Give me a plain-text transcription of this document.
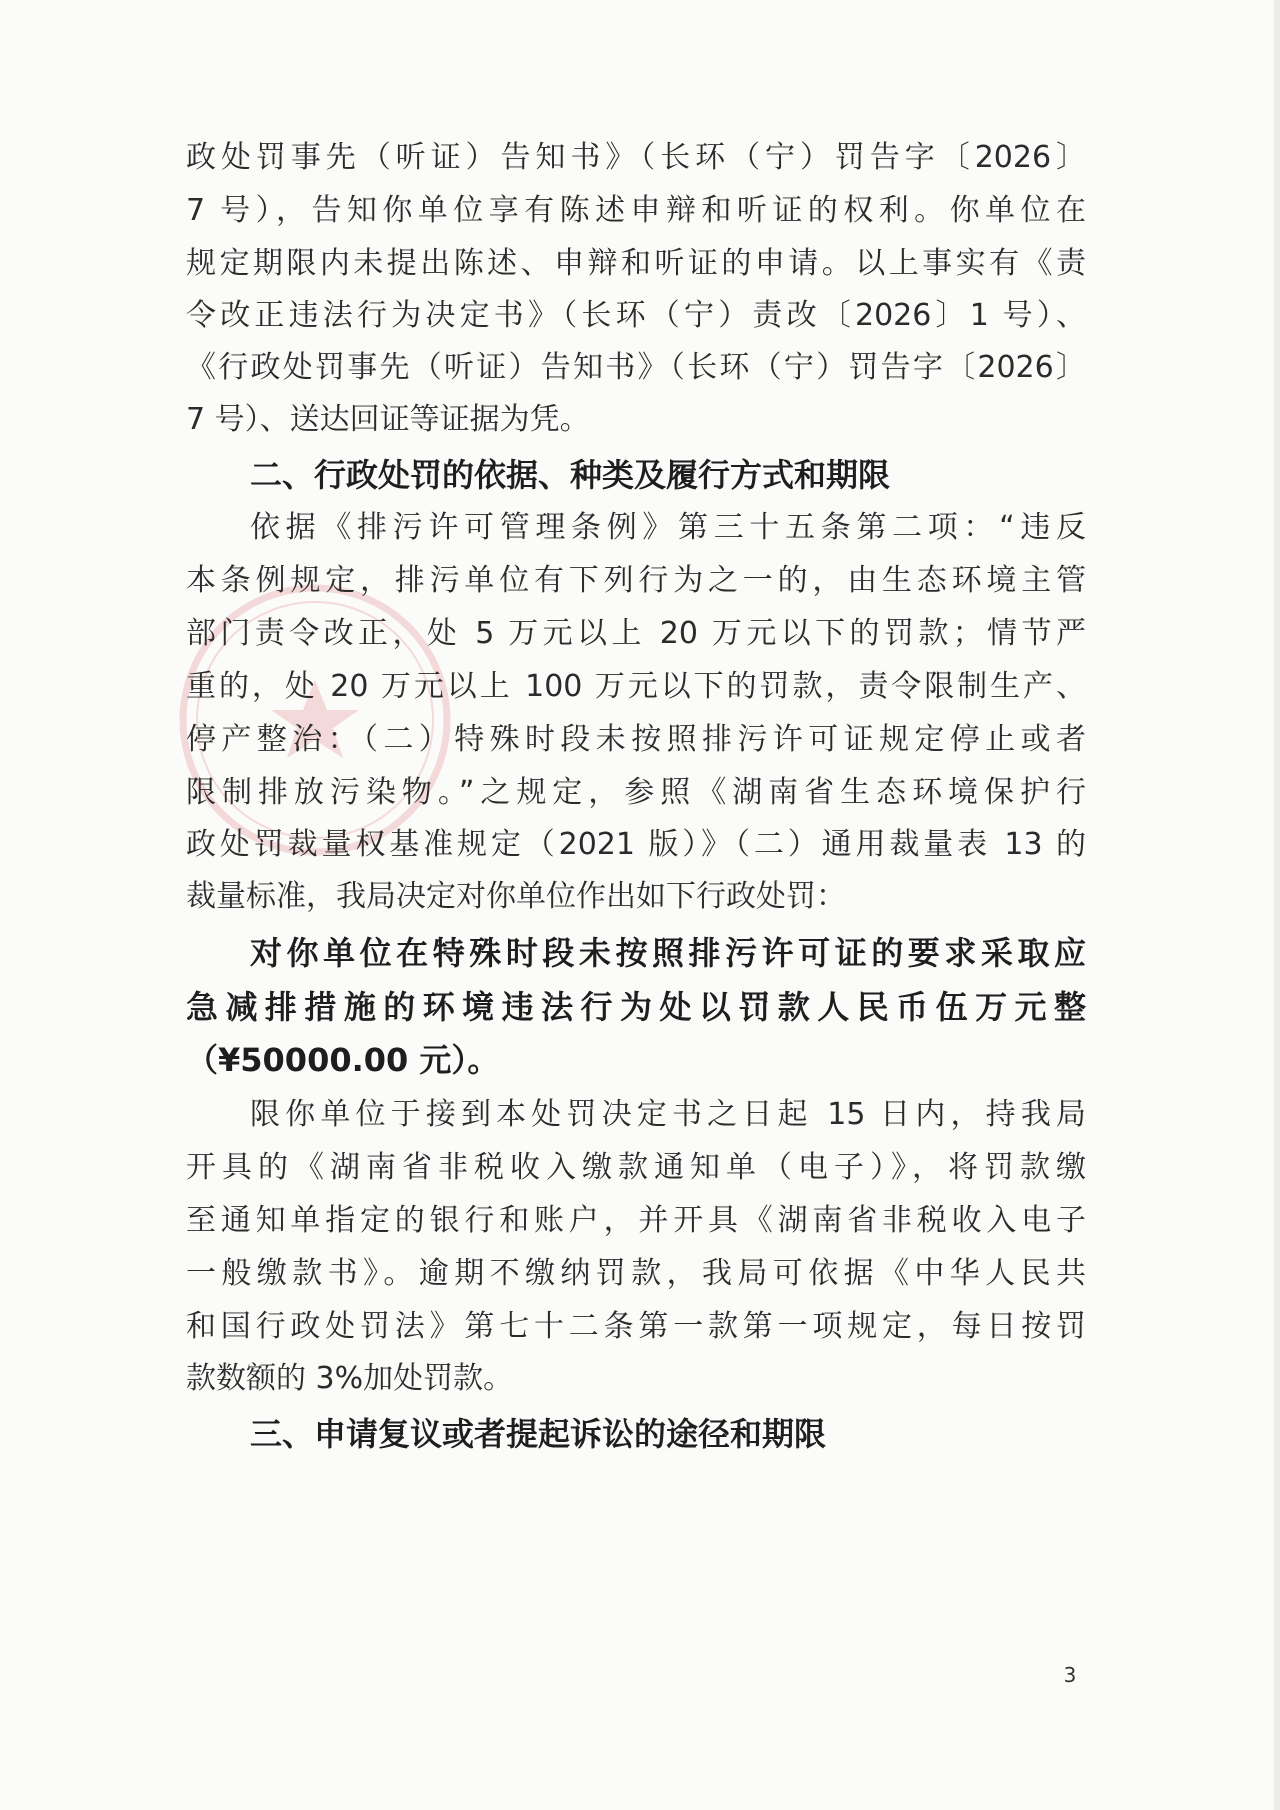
政处罚事先（听证）告知书》（长环（宁）罚告字〔2026〕
7 号），告知你单位享有陈述申辩和听证的权利。你单位在
规定期限内未提出陈述、申辩和听证的申请。以上事实有《责
令改正违法行为决定书》（长环（宁）责改〔2026〕1 号）、
《行政处罚事先（听证）告知书》（长环（宁）罚告字〔2026〕
7 号）、送达回证等证据为凭。
二、行政处罚的依据、种类及履行方式和期限
依据《排污许可管理条例》第三十五条第二项：“违反
本条例规定，排污单位有下列行为之一的，由生态环境主管
部门责令改正，处 5 万元以上 20 万元以下的罚款；情节严
重的，处 20 万元以上 100 万元以下的罚款，责令限制生产、
停产整治：（二）特殊时段未按照排污许可证规定停止或者
限制排放污染物。”之规定，参照《湖南省生态环境保护行
政处罚裁量权基准规定（2021 版）》（二）通用裁量表 13 的
裁量标准，我局决定对你单位作出如下行政处罚：
对你单位在特殊时段未按照排污许可证的要求采取应
急减排措施的环境违法行为处以罚款人民币伍万元整
（¥50000.00 元）。
限你单位于接到本处罚决定书之日起 15 日内，持我局
开具的《湖南省非税收入缴款通知单（电子）》，将罚款缴
至通知单指定的银行和账户，并开具《湖南省非税收入电子
一般缴款书》。逾期不缴纳罚款，我局可依据《中华人民共
和国行政处罚法》第七十二条第一款第一项规定，每日按罚
款数额的 3%加处罚款。
三、申请复议或者提起诉讼的途径和期限
3
